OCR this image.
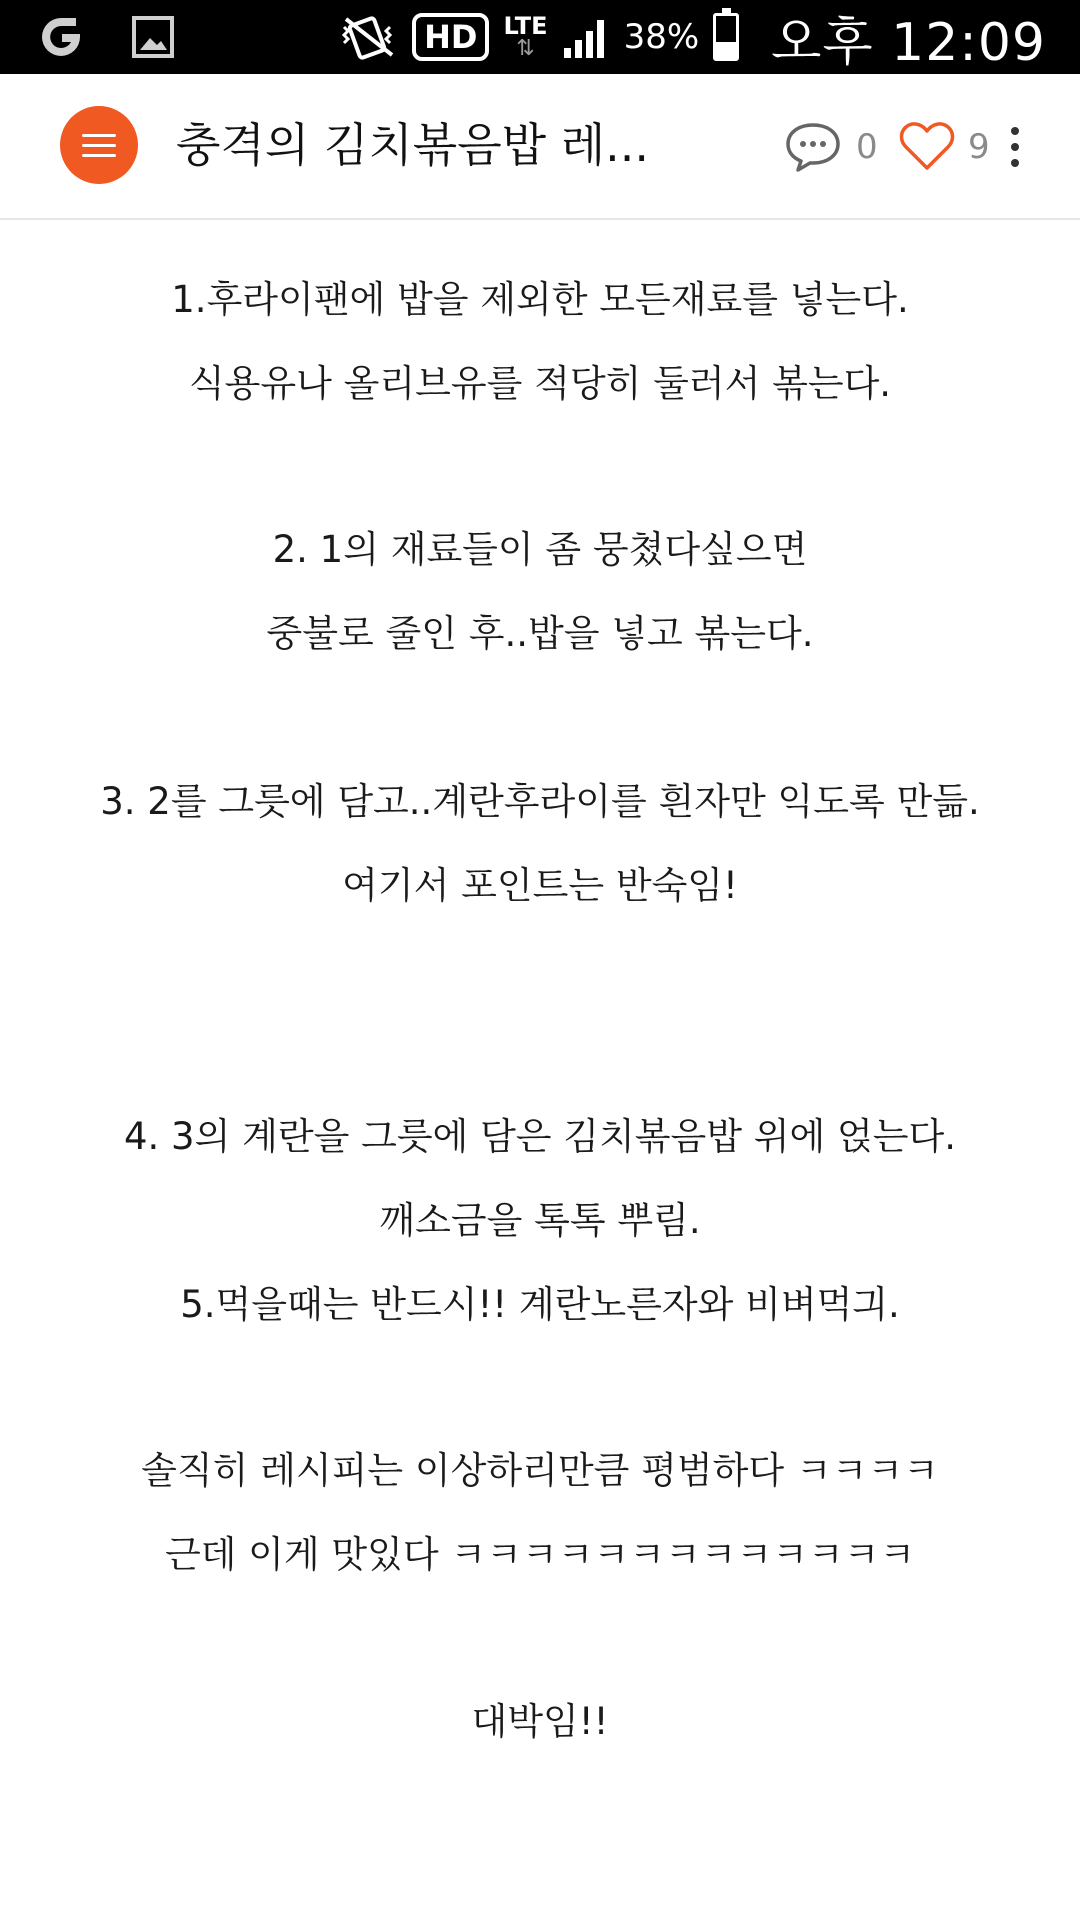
HD	LTE
⇅	38% 오후 12:09
충격의 김치볶음밥 레...	0	9
1.후라이팬에 밥을 제외한 모든재료를 넣는다.
식용유나 올리브유를 적당히 둘러서 볶는다.
2. 1의 재료들이 좀 뭉쳤다싶으면
중불로 줄인 후..밥을 넣고 볶는다.
3. 2를 그릇에 담고..계란후라이를 흰자만 익도록 만듦.
여기서 포인트는 반숙임!
4. 3의 계란을 그릇에 담은 김치볶음밥 위에 얹는다.
깨소금을 톡톡 뿌림.
5.먹을때는 반드시!! 계란노른자와 비벼먹긔.
솔직히 레시피는 이상하리만큼 평범하다 ㅋㅋㅋㅋ
근데 이게 맛있다 ㅋㅋㅋㅋㅋㅋㅋㅋㅋㅋㅋㅋㅋ
대박임!!
